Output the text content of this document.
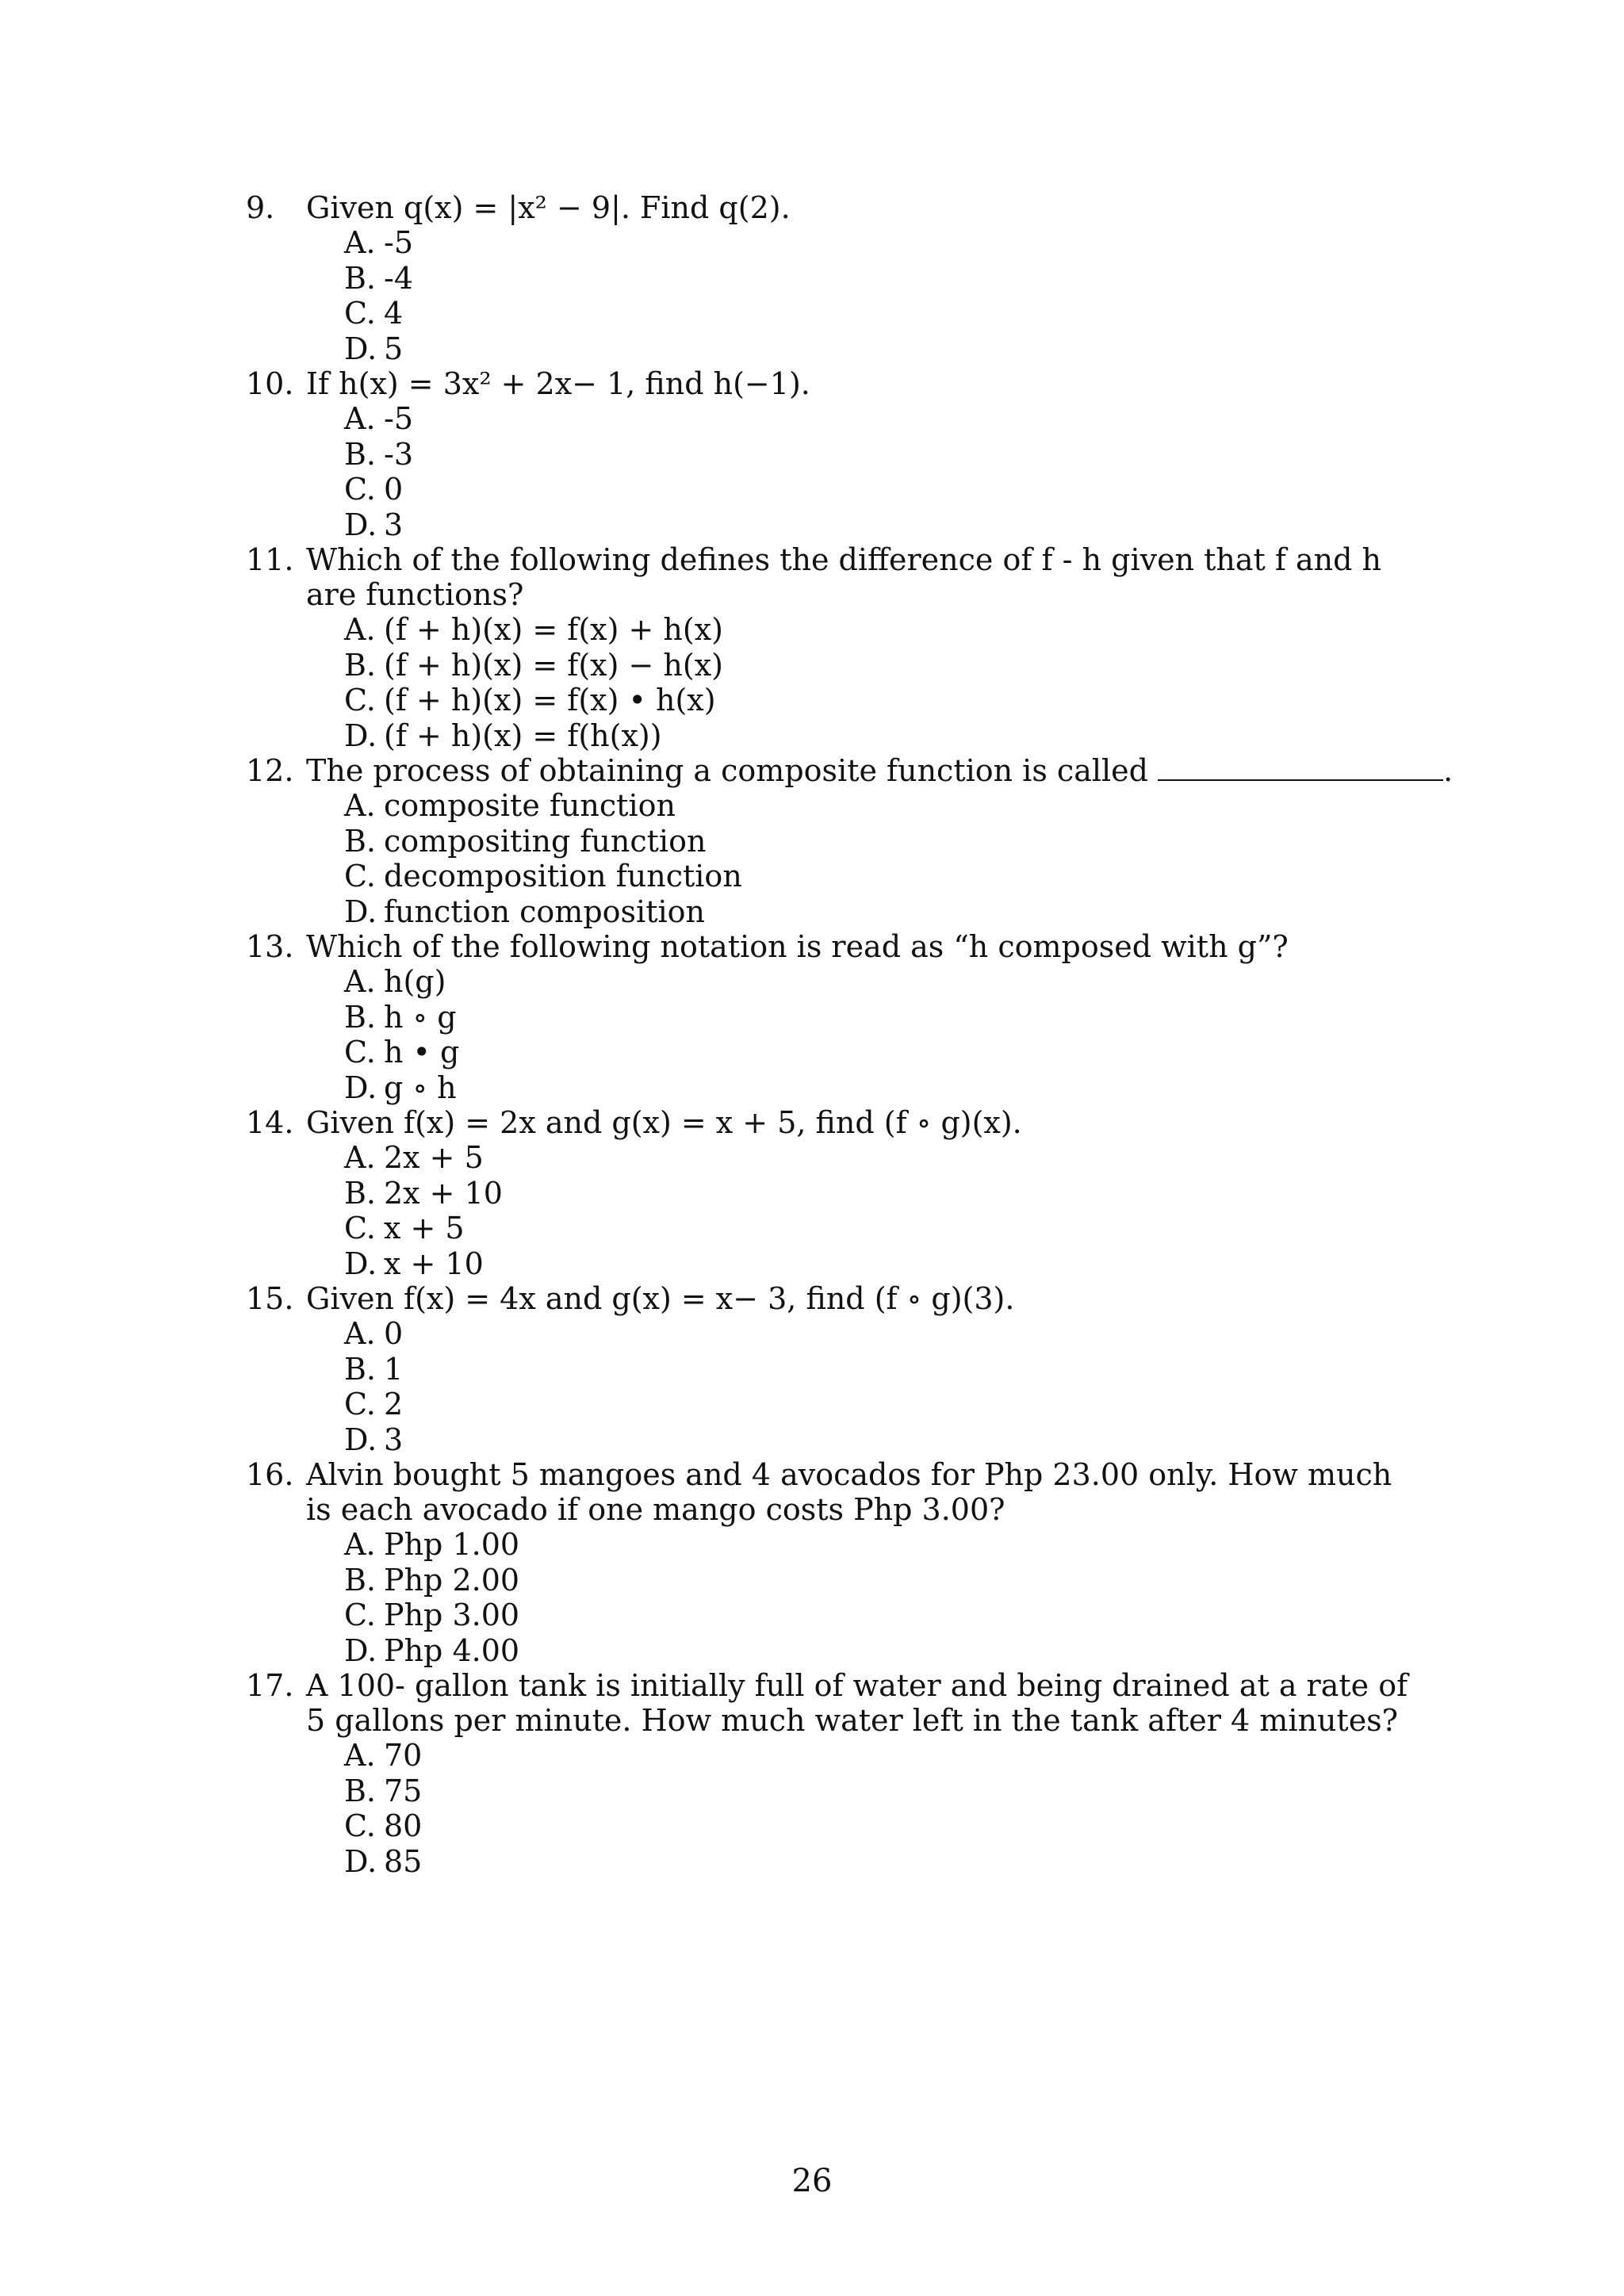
9. Given q(x) = |x² − 9|. Find q(2).
A. -5
B. -4
C. 4
D. 5
10. If h(x) = 3x² + 2x− 1, find h(−1).
A. -5
B. -3
C. 0
D. 3
11. Which of the following defines the difference of f - h given that f and h are functions?
A. (f + h)(x) = f(x) + h(x)
B. (f + h)(x) = f(x) − h(x)
C. (f + h)(x) = f(x) • h(x)
D. (f + h)(x) = f(h(x))
12. The process of obtaining a composite function is called	.
A. composite function
B. compositing function
C. decomposition function
D. function composition
13. Which of the following notation is read as “h composed with g”?
A. h(g)
B. h ∘ g
C. h • g
D. g ∘ h
14. Given f(x) = 2x and g(x) = x + 5, find (f ∘ g)(x).
A. 2x + 5
B. 2x + 10
C. x + 5
D. x + 10
15. Given f(x) = 4x and g(x) = x− 3, find (f ∘ g)(3).
A. 0
B. 1
C. 2
D. 3
16. Alvin bought 5 mangoes and 4 avocados for Php 23.00 only. How much is each avocado if one mango costs Php 3.00?
A. Php 1.00
B. Php 2.00
C. Php 3.00
D. Php 4.00
17. A 100- gallon tank is initially full of water and being drained at a rate of 5 gallons per minute. How much water left in the tank after 4 minutes?
A. 70
B. 75
C. 80
D. 85
26
